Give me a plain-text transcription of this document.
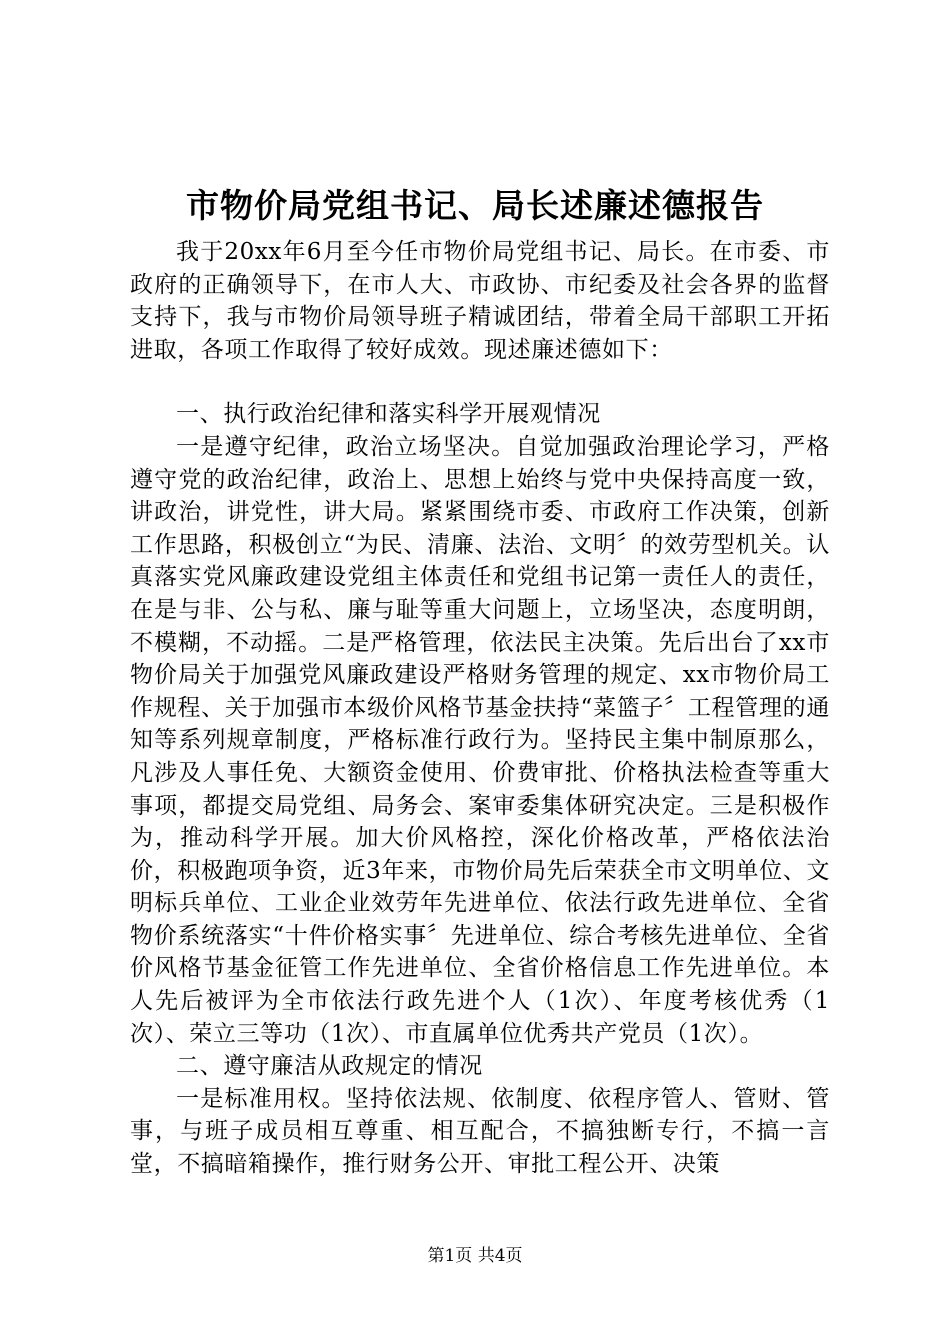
市物价局党组书记、局长述廉述德报告

我于20xx年6月至今任市物价局党组书记、局长。在市委、市政府的正确领导下，在市人大、市政协、市纪委及社会各界的监督支持下，我与市物价局领导班子精诚团结，带着全局干部职工开拓进取，各项工作取得了较好成效。现述廉述德如下：

一、执行政治纪律和落实科学开展观情况

一是遵守纪律，政治立场坚决。自觉加强政治理论学习，严格遵守党的政治纪律，政治上、思想上始终与党中央保持高度一致，讲政治，讲党性，讲大局。紧紧围绕市委、市政府工作决策，创新工作思路，积极创立“为民、清廉、法治、文明〞的效劳型机关。认真落实党风廉政建设党组主体责任和党组书记第一责任人的责任，在是与非、公与私、廉与耻等重大问题上，立场坚决，态度明朗，不模糊，不动摇。二是严格管理，依法民主决策。先后出台了xx市物价局关于加强党风廉政建设严格财务管理的规定、xx市物价局工作规程、关于加强市本级价风格节基金扶持“菜篮子〞工程管理的通知等系列规章制度，严格标准行政行为。坚持民主集中制原那么，凡涉及人事任免、大额资金使用、价费审批、价格执法检查等重大事项，都提交局党组、局务会、案审委集体研究决定。三是积极作为，推动科学开展。加大价风格控，深化价格改革，严格依法治价，积极跑项争资，近3年来，市物价局先后荣获全市文明单位、文明标兵单位、工业企业效劳年先进单位、依法行政先进单位、全省物价系统落实“十件价格实事〞先进单位、综合考核先进单位、全省价风格节基金征管工作先进单位、全省价格信息工作先进单位。本人先后被评为全市依法行政先进个人（1次）、年度考核优秀（1次）、荣立三等功（1次）、市直属单位优秀共产党员（1次）。

二、遵守廉洁从政规定的情况

一是标准用权。坚持依法规、依制度、依程序管人、管财、管事，与班子成员相互尊重、相互配合，不搞独断专行，不搞一言堂，不搞暗箱操作，推行财务公开、审批工程公开、决策

第1页 共4页
